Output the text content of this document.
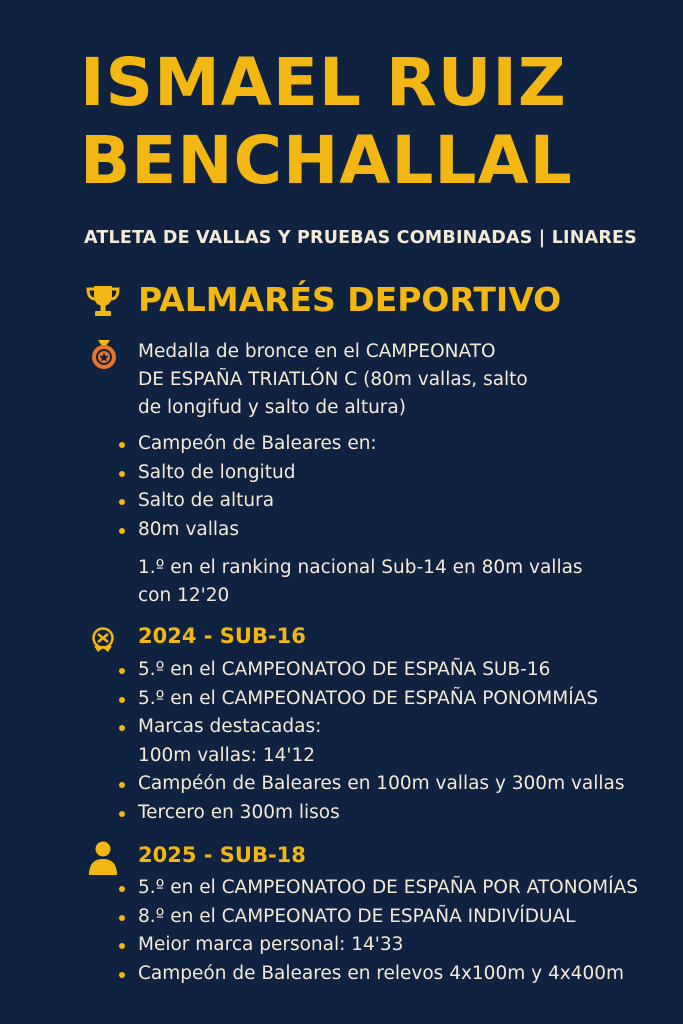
ISMAEL RUIZ
BENCHALLAL
ATLETA DE VALLAS Y PRUEBAS COMBINADAS | LINARES
PALMARÉS DEPORTIVO
Medalla de bronce en el CAMPEONATO
DE ESPAÑA TRIATLÓN C (80m vallas, salto
de longifud y salto de altura)
Campeón de Baleares en:
Salto de longitud
Salto de altura
80m vallas
1.º en el ranking nacional Sub-14 en 80m vallas
con 12'20
2024 - SUB-16
5.º en el CAMPEONATOO DE ESPAÑA SUB-16
5.º en el CAMPEONATOO DE ESPAÑA PONOMMÍAS
Marcas destacadas:
100m vallas: 14'12
Campéón de Baleares en 100m vallas y 300m vallas
Tercero en 300m lisos
2025 - SUB-18
5.º en el CAMPEONATOO DE ESPAÑA POR ATONOMÍAS
8.º en el CAMPEONATO DE ESPAÑA INDIVÍDUAL
Meior marca personal: 14'33
Campeón de Baleares en relevos 4x100m y 4x400m
